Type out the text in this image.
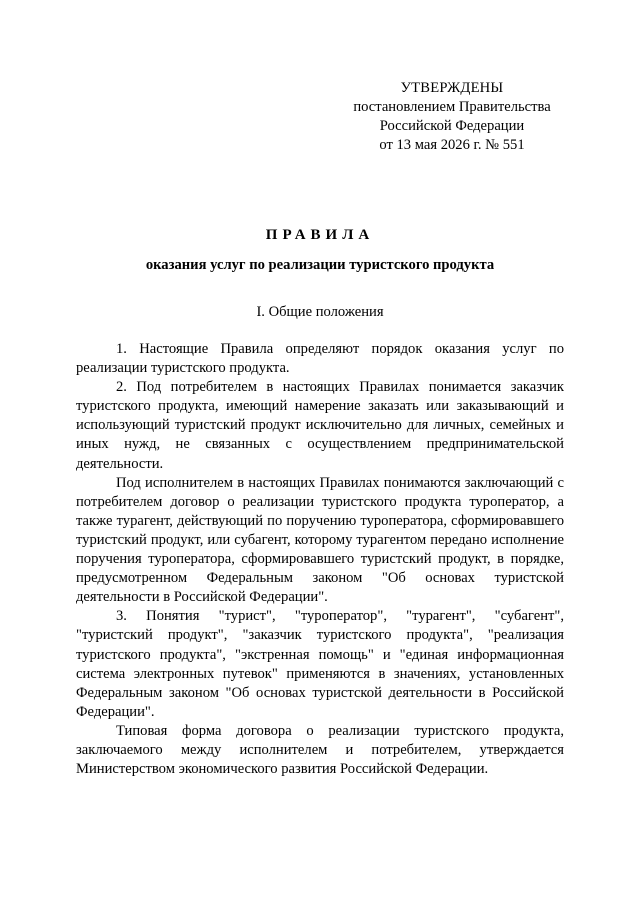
УТВЕРЖДЕНЫ
постановлением Правительства
Российской Федерации
от 13 мая 2026 г. № 551
ПРАВИЛА
оказания услуг по реализации туристского продукта
I. Общие положения

1. Настоящие Правила определяют порядок оказания услуг по реализации туристского продукта.

2. Под потребителем в настоящих Правилах понимается заказчик туристского продукта, имеющий намерение заказать или заказывающий и использующий туристский продукт исключительно для личных, семейных и иных нужд, не связанных с осуществлением предпринимательской деятельности.

Под исполнителем в настоящих Правилах понимаются заключающий с потребителем договор о реализации туристского продукта туроператор, а также турагент, действующий по поручению туроператора, сформировавшего туристский продукт, или субагент, которому турагентом передано исполнение поручения туроператора, сформировавшего туристский продукт, в порядке, предусмотренном Федеральным законом "Об основах туристской деятельности в Российской Федерации".

3. Понятия "турист", "туроператор", "турагент", "субагент", "туристский продукт", "заказчик туристского продукта", "реализация туристского продукта", "экстренная помощь" и "единая информационная система электронных путевок" применяются в значениях, установленных Федеральным законом "Об основах туристской деятельности в Российской Федерации".

Типовая форма договора о реализации туристского продукта, заключаемого между исполнителем и потребителем, утверждается Министерством экономического развития Российской Федерации.
